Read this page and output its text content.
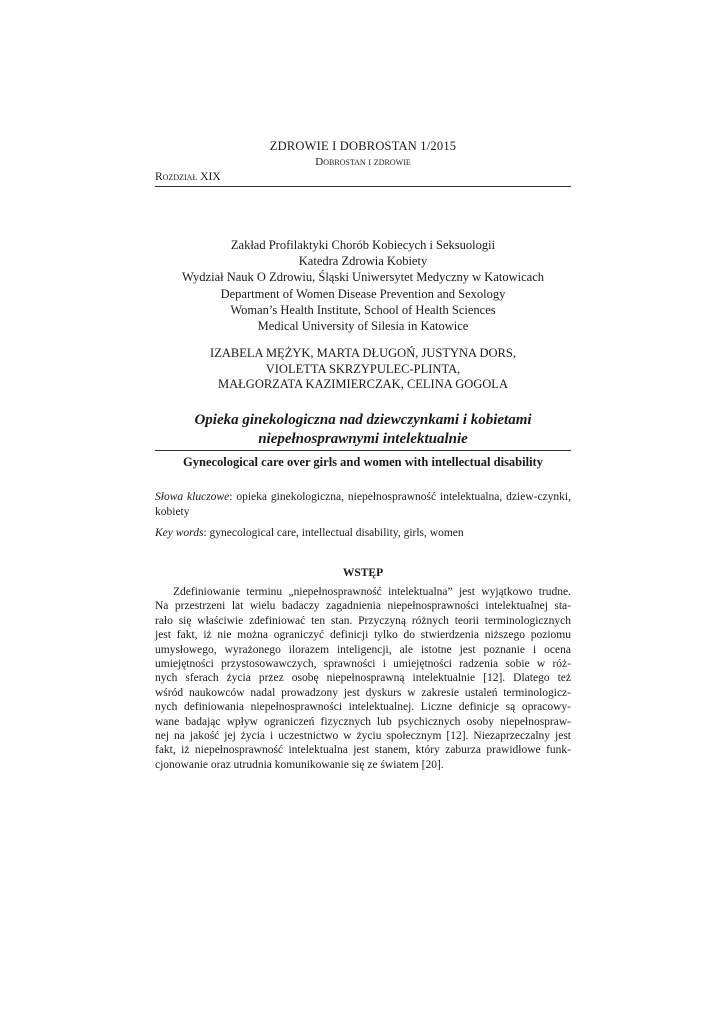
ZDROWIE I DOBROSTAN 1/2015
Dobrostan i zdrowie
Rozdział XIX
Zakład Profilaktyki Chorób Kobiecych i Seksuologii
Katedra Zdrowia Kobiety
Wydział Nauk O Zdrowiu, Śląski Uniwersytet Medyczny w Katowicach
Department of Women Disease Prevention and Sexology
Woman’s Health Institute, School of Health Sciences
Medical University of Silesia in Katowice
IZABELA MĘŻYK, MARTA DŁUGOŃ, JUSTYNA DORS,
VIOLETTA SKRZYPULEC-PLINTA,
MAŁGORZATA KAZIMIERCZAK, CELINA GOGOLA
Opieka ginekologiczna nad dziewczynkami i kobietami
niepełnosprawnymi intelektualnie
Gynecological care over girls and women with intellectual disability
Słowa kluczowe: opieka ginekologiczna, niepełnosprawność intelektualna, dziew-czynki, kobiety
Key words: gynecological care, intellectual disability, girls, women
WSTĘP
Zdefiniowanie terminu „niepełnosprawność intelektualna” jest wyjątkowo trudne.
Na przestrzeni lat wielu badaczy zagadnienia niepełnosprawności intelektualnej sta-
rało się właściwie zdefiniować ten stan. Przyczyną różnych teorii terminologicznych
jest fakt, iż nie można ograniczyć definicji tylko do stwierdzenia niższego poziomu
umysłowego, wyrażonego ilorazem inteligencji, ale istotne jest poznanie i ocena
umiejętności przystosowawczych, sprawności i umiejętności radzenia sobie w róż-
nych sferach życia przez osobę niepełnosprawną intelektualnie [12]. Dlatego też
wśród naukowców nadal prowadzony jest dyskurs w zakresie ustaleń terminologicz-
nych definiowania niepełnosprawności intelektualnej. Liczne definicje są opracowy-
wane badając wpływ ograniczeń fizycznych lub psychicznych osoby niepełnospraw-
nej na jakość jej życia i uczestnictwo w życiu społecznym [12]. Niezaprzeczalny jest
fakt, iż niepełnosprawność intelektualna jest stanem, który zaburza prawidłowe funk-
cjonowanie oraz utrudnia komunikowanie się ze światem [20].
